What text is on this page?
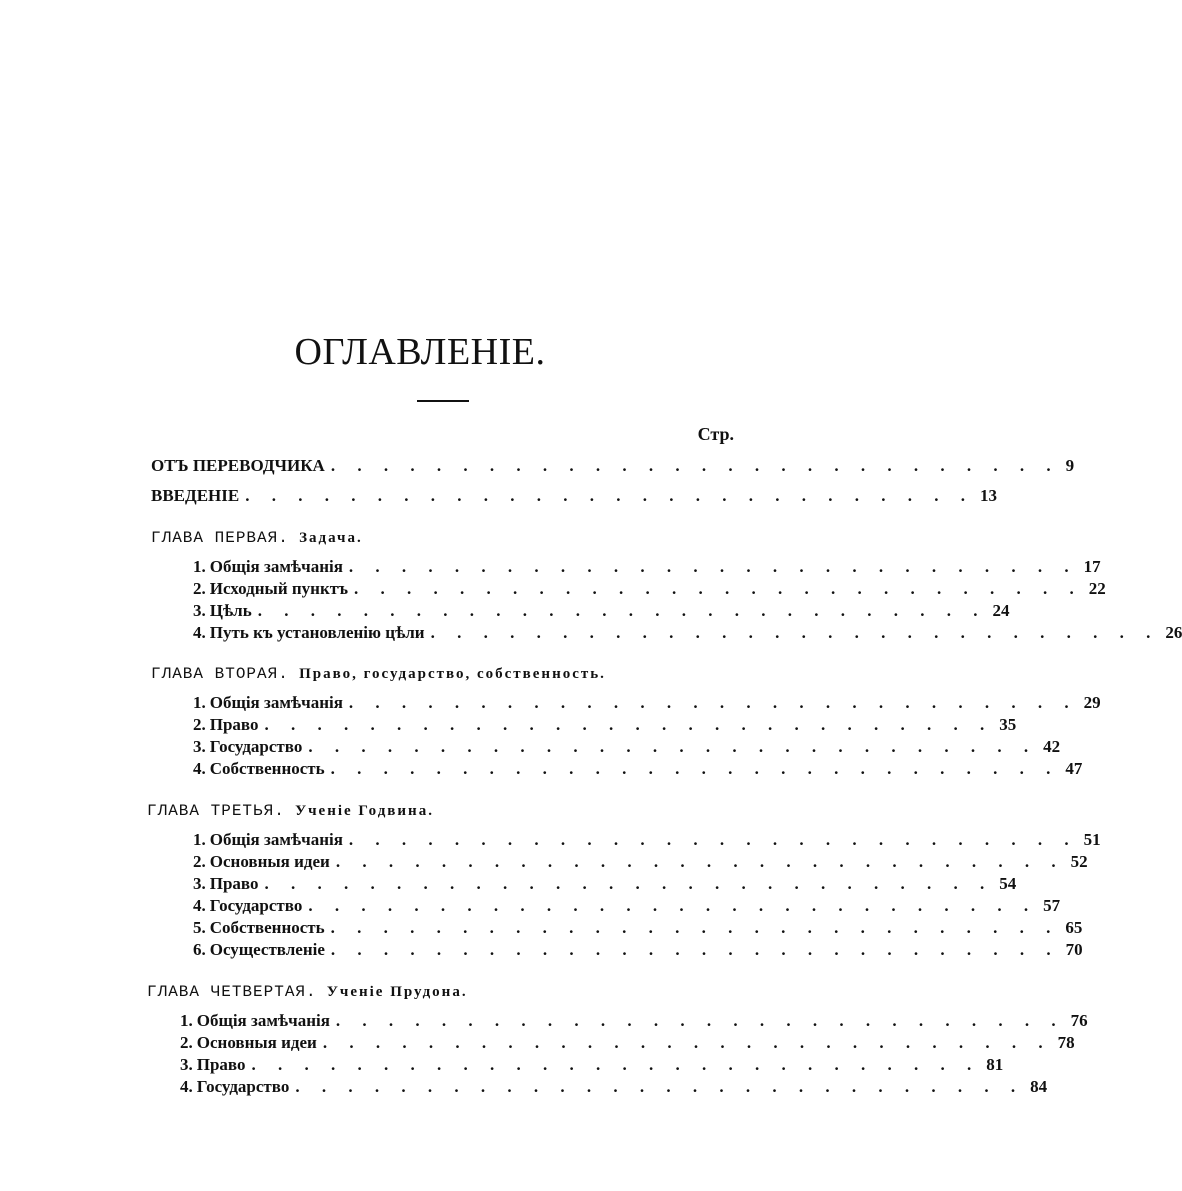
ОГЛАВЛЕНІЕ.
Стр.
ОТЪ ПЕРЕВОДЧИКА . . . . . . . . . . . . . . . . . . . . . . . . . . . . 9
ВВЕДЕНІЕ . . . . . . . . . . . . . . . . . . . . . . . . . . . . 13
ГЛАВА ПЕРВАЯ. Задача.
1. Общія замѣчанія . . . . . . . . . . . . . . . . . . . . . . . . . . . . 17
2. Исходный пунктъ . . . . . . . . . . . . . . . . . . . . . . . . . . . . 22
3. Цѣль . . . . . . . . . . . . . . . . . . . . . . . . . . . . 24
4. Путь къ установленію цѣли . . . . . . . . . . . . . . . . . . . . . . . . . . . . 26
ГЛАВА ВТОРАЯ. Право, государство, собственность.
1. Общія замѣчанія . . . . . . . . . . . . . . . . . . . . . . . . . . . . 29
2. Право . . . . . . . . . . . . . . . . . . . . . . . . . . . . 35
3. Государство . . . . . . . . . . . . . . . . . . . . . . . . . . . . 42
4. Собственность . . . . . . . . . . . . . . . . . . . . . . . . . . . . 47
ГЛАВА ТРЕТЬЯ. Ученіе Годвина.
1. Общія замѣчанія . . . . . . . . . . . . . . . . . . . . . . . . . . . . 51
2. Основныя идеи . . . . . . . . . . . . . . . . . . . . . . . . . . . . 52
3. Право . . . . . . . . . . . . . . . . . . . . . . . . . . . . 54
4. Государство . . . . . . . . . . . . . . . . . . . . . . . . . . . . 57
5. Собственность . . . . . . . . . . . . . . . . . . . . . . . . . . . . 65
6. Осуществленіе . . . . . . . . . . . . . . . . . . . . . . . . . . . . 70
ГЛАВА ЧЕТВЕРТАЯ. Ученіе Прудона.
1. Общія замѣчанія . . . . . . . . . . . . . . . . . . . . . . . . . . . . 76
2. Основныя идеи . . . . . . . . . . . . . . . . . . . . . . . . . . . . 78
3. Право . . . . . . . . . . . . . . . . . . . . . . . . . . . . 81
4. Государство . . . . . . . . . . . . . . . . . . . . . . . . . . . . 84
